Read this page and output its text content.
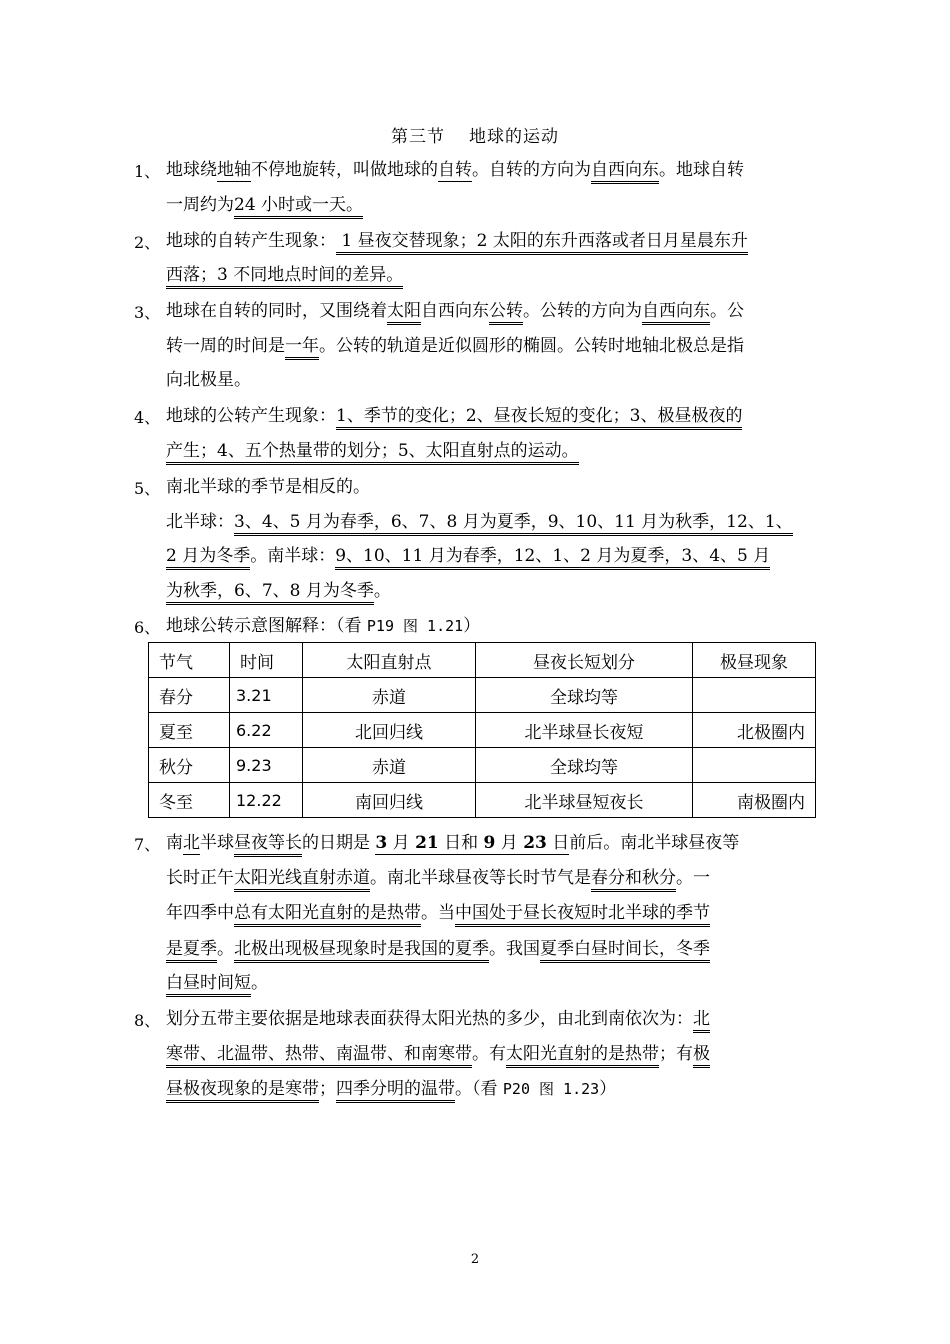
第三节 地球的运动
1、 地球绕地轴不停地旋转，叫做地球的自转。自转的方向为自西向东。地球自转
一周约为24 小时或一天。
2、 地球的自转产生现象： 1 昼夜交替现象；2 太阳的东升西落或者日月星晨东升
西落；3 不同地点时间的差异。
3、 地球在自转的同时，又围绕着太阳自西向东公转。公转的方向为自西向东。公
转一周的时间是一年。公转的轨道是近似圆形的椭圆。公转时地轴北极总是指
向北极星。
4、 地球的公转产生现象：1、季节的变化；2、昼夜长短的变化；3、极昼极夜的
产生；4、五个热量带的划分；5、太阳直射点的运动。
5、 南北半球的季节是相反的。
北半球：3、4、5 月为春季，6、7、8 月为夏季，9、10、11 月为秋季，12、1、
2 月为冬季。南半球：9、10、11 月为春季，12、1、2 月为夏季，3、4、5 月
为秋季，6、7、8 月为冬季。
6、 地球公转示意图解释：（看 P19 图 1.21）
节气	时间	太阳直射点	昼夜长短划分	极昼现象
春分	3.21	赤道	全球均等	
夏至	6.22	北回归线	北半球昼长夜短	北极圈内
秋分	9.23	赤道	全球均等	
冬至	12.22	南回归线	北半球昼短夜长	南极圈内
7、 南北半球昼夜等长的日期是 3 月 21 日和 9 月 23 日前后。南北半球昼夜等
长时正午太阳光线直射赤道。南北半球昼夜等长时节气是春分和秋分。一
年四季中总有太阳光直射的是热带。当中国处于昼长夜短时北半球的季节
是夏季。北极出现极昼现象时是我国的夏季。我国夏季白昼时间长，冬季
白昼时间短。
8、 划分五带主要依据是地球表面获得太阳光热的多少，由北到南依次为：北
寒带、北温带、热带、南温带、和南寒带。有太阳光直射的是热带；有极
昼极夜现象的是寒带；四季分明的温带。（看 P20 图 1.23）
2
